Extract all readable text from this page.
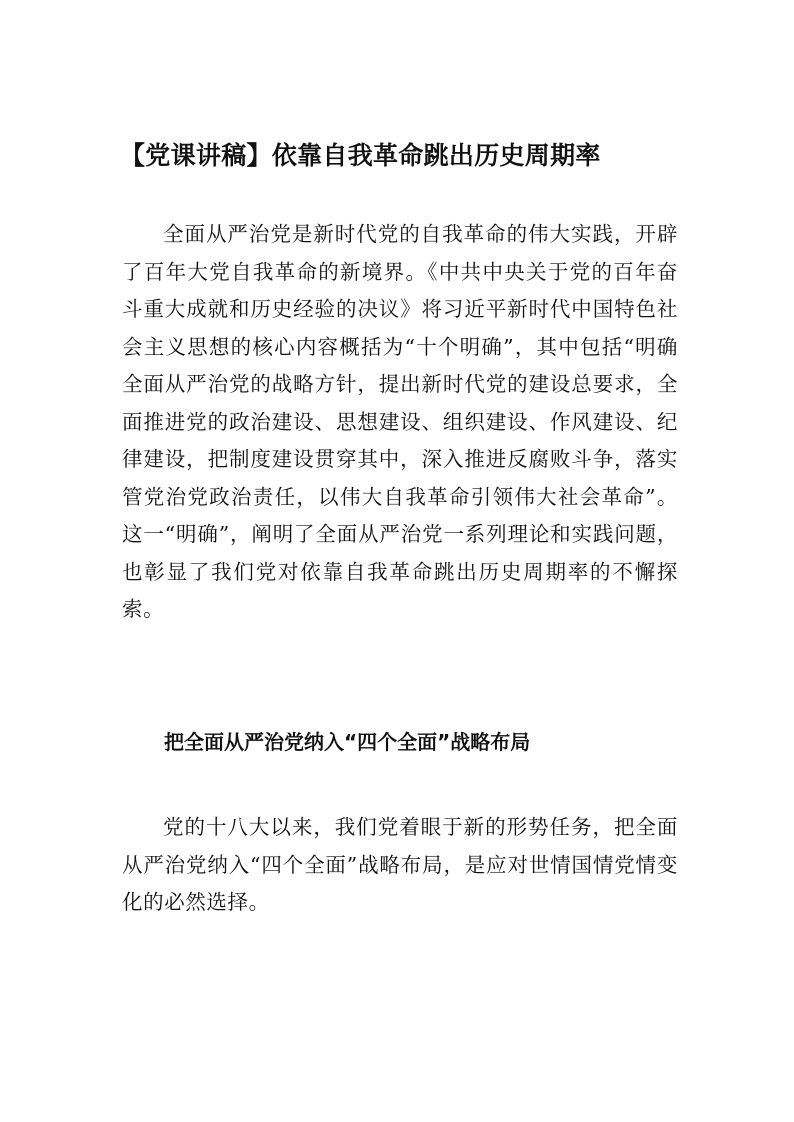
【党课讲稿】依靠自我革命跳出历史周期率

全面从严治党是新时代党的自我革命的伟大实践，开辟了百年大党自我革命的新境界。《中共中央关于党的百年奋斗重大成就和历史经验的决议》将习近平新时代中国特色社会主义思想的核心内容概括为“十个明确”，其中包括“明确全面从严治党的战略方针，提出新时代党的建设总要求，全面推进党的政治建设、思想建设、组织建设、作风建设、纪律建设，把制度建设贯穿其中，深入推进反腐败斗争，落实管党治党政治责任，以伟大自我革命引领伟大社会革命”。这一“明确”，阐明了全面从严治党一系列理论和实践问题，也彰显了我们党对依靠自我革命跳出历史周期率的不懈探索。

把全面从严治党纳入“四个全面”战略布局

党的十八大以来，我们党着眼于新的形势任务，把全面从严治党纳入“四个全面”战略布局，是应对世情国情党情变化的必然选择。
